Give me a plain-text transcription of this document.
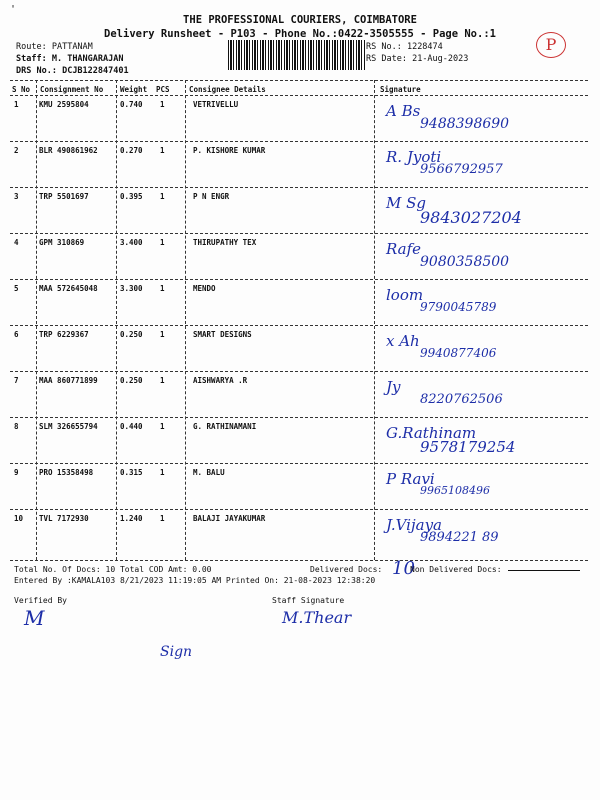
'
THE PROFESSIONAL COURIERS, COIMBATORE
Delivery Runsheet - P103 - Phone No.:0422-3505555 - Page No.:1
Route: PATTANAM
Staff: M. THANGARAJAN
DRS No.: DCJB122847401
RS No.: 1228474
RS Date: 21-Aug-2023
P
S No Consignment No Weight PCS	Consignee Details	Signature
1	KMU 2595804	0.740 1	VETRIVELLU	A Bs
9488398690
2	BLR 490861962	0.270 1	P. KISHORE KUMAR	R. Jyoti
9566792957
3	TRP 5501697	0.395 1	P N ENGR	M Sg
9843027204
4	GPM 310869	3.400 1	THIRUPATHY TEX	Rafe
9080358500
5	MAA 572645048	3.300 1	MENDO	loom
9790045789
6	TRP 6229367	0.250 1	SMART DESIGNS	x Ah
9940877406
7	MAA 860771899	0.250 1	AISHWARYA .R	Jy
8220762506
8	SLM 326655794	0.440 1	G. RATHINAMANI	G.Rathinam
9578179254
9	PRO 15358498	0.315 1	M. BALU	P Ravi
9965108496
10 TVL 7172930	1.240 1	BALAJI JAYAKUMAR	J.Vijaya
9894221 89
Total No. Of Docs: 10 Total COD Amt: 0.00	Delivered Docs: 10
Non Delivered Docs:
Entered By :KAMALA103 8/21/2023 11:19:05 AM Printed On: 21-08-2023 12:38:20
Verified By
M
Staff Signature
M.Thear
Sign
